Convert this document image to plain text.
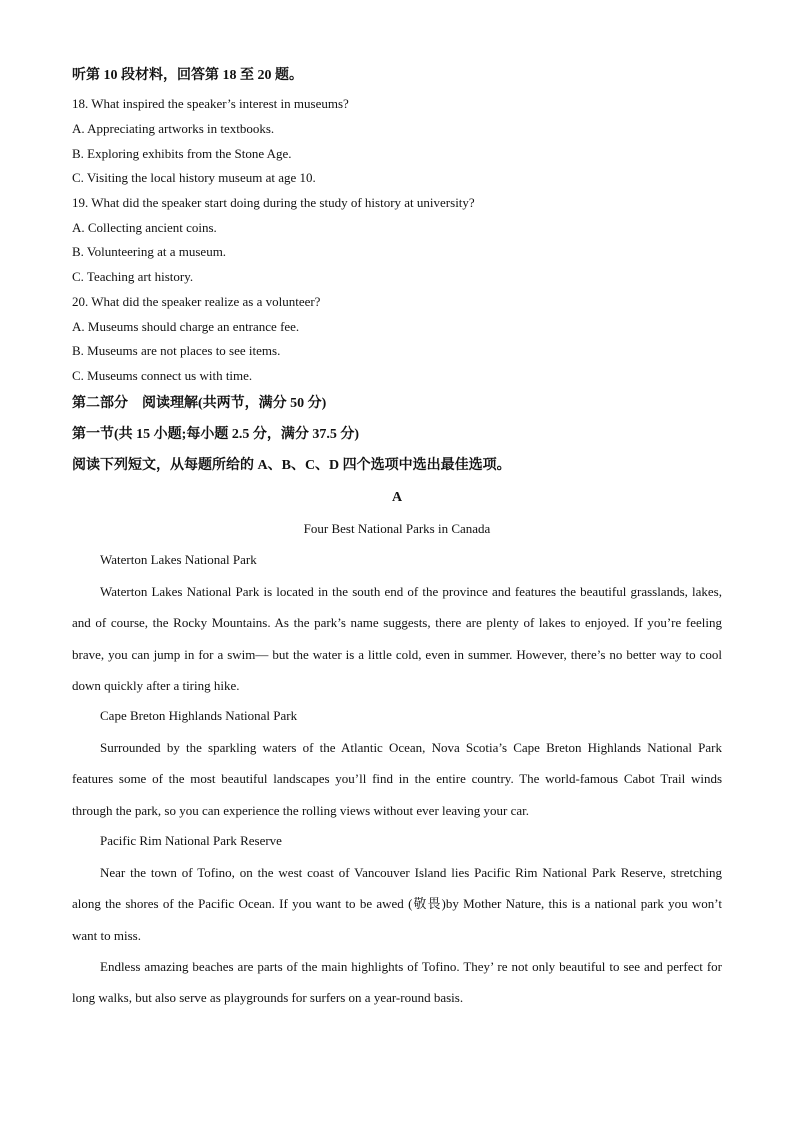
听第 10 段材料，回答第 18 至 20 题。
18. What inspired the speaker’s interest in museums?
A. Appreciating artworks in textbooks.
B. Exploring exhibits from the Stone Age.
C. Visiting the local history museum at age 10.
19. What did the speaker start doing during the study of history at university?
A. Collecting ancient coins.
B. Volunteering at a museum.
C. Teaching art history.
20. What did the speaker realize as a volunteer?
A. Museums should charge an entrance fee.
B. Museums are not places to see items.
C. Museums connect us with time.
第二部分　阅读理解(共两节，满分 50 分)
第一节(共 15 小题;每小题 2.5 分，满分 37.5 分)
阅读下列短文，从每题所给的 A、B、C、D 四个选项中选出最佳选项。
A
Four Best National Parks in Canada
Waterton Lakes National Park

Waterton Lakes National Park is located in the south end of the province and features the beautiful grasslands, lakes, and of course, the Rocky Mountains. As the park’s name suggests, there are plenty of lakes to enjoyed. If you’re feeling brave, you can jump in for a swim— but the water is a little cold, even in summer. However, there’s no better way to cool down quickly after a tiring hike.

Cape Breton Highlands National Park

Surrounded by the sparkling waters of the Atlantic Ocean, Nova Scotia’s Cape Breton Highlands National Park features some of the most beautiful landscapes you’ll find in the entire country. The world-famous Cabot Trail winds through the park, so you can experience the rolling views without ever leaving your car.

Pacific Rim National Park Reserve

Near the town of Tofino, on the west coast of Vancouver Island lies Pacific Rim National Park Reserve, stretching along the shores of the Pacific Ocean. If you want to be awed (敬畏)by Mother Nature, this is a national park you won’t want to miss.

Endless amazing beaches are parts of the main highlights of Tofino. They’ re not only beautiful to see and perfect for long walks, but also serve as playgrounds for surfers on a year-round basis.
